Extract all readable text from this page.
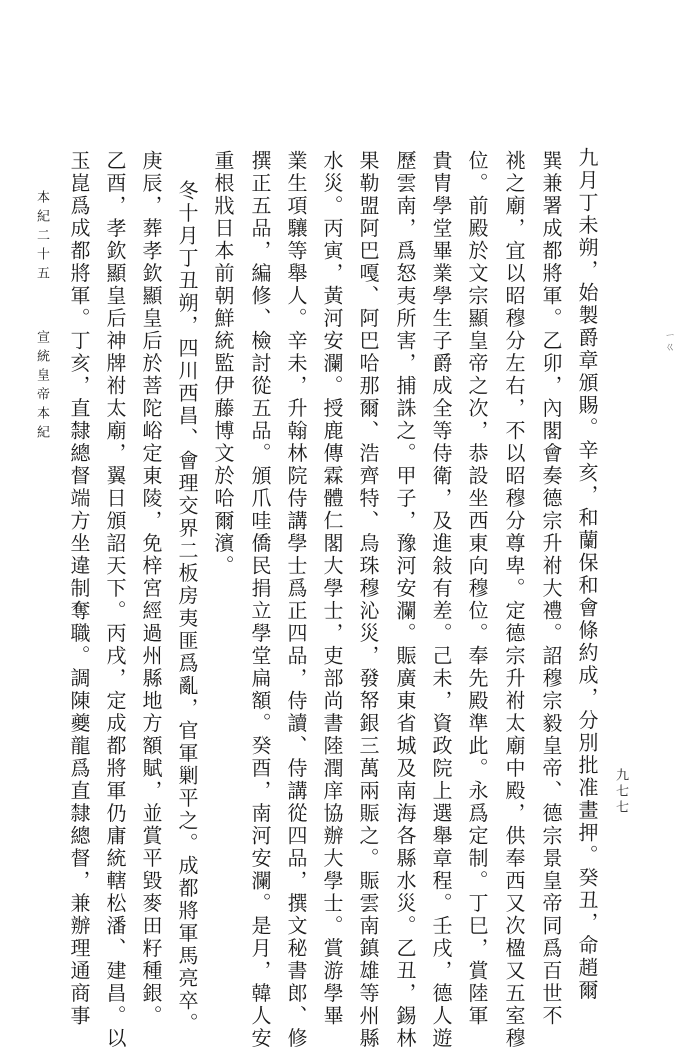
ㄧㄍ
九月丁未朔，始製爵章頒賜。辛亥，和蘭保和會條約成，分別批准畫押。癸丑，命趙爾
巽兼署成都將軍。乙卯，內閣會奏德宗升祔大禮。詔穆宗毅皇帝、德宗景皇帝同爲百世不
祧之廟，宜以昭穆分左右，不以昭穆分尊卑。定德宗升祔太廟中殿，供奉西又次楹又五室穆
位。前殿於文宗顯皇帝之次，恭設坐西東向穆位。奉先殿準此。永爲定制。丁巳，賞陸軍
貴胄學堂畢業學生子爵成全等侍衛，及進敍有差。己未，資政院上選舉章程。壬戌，德人遊
歷雲南，爲怒夷所害，捕誅之。甲子，豫河安瀾。賑廣東省城及南海各縣水災。乙丑，錫林
果勒盟阿巴嘎、阿巴哈那爾、浩齊特、烏珠穆沁災，發帑銀三萬兩賑之。賑雲南鎮雄等州縣
水災。丙寅，黃河安瀾。授鹿傳霖體仁閣大學士，吏部尚書陸潤庠協辦大學士。賞游學畢
業生項驤等舉人。辛未，升翰林院侍講學士爲正四品，侍讀、侍講從四品，撰文秘書郎、修
撰正五品，編修、檢討從五品。頒爪哇僑民捐立學堂扁額。癸酉，南河安瀾。是月，韓人安
重根戕日本前朝鮮統監伊藤博文於哈爾濱。
冬十月丁丑朔，四川西昌、會理交界二板房夷匪爲亂，官軍剿平之。成都將軍馬亮卒。
庚辰，葬孝欽顯皇后於菩陀峪定東陵，免梓宮經過州縣地方額賦，並賞平毀麥田籽種銀。
乙酉，孝欽顯皇后神牌祔太廟，翼日頒詔天下。丙戌，定成都將軍仍庸統轄松潘、建昌。以
玉崑爲成都將軍。丁亥，直隸總督端方坐違制奪職。調陳夔龍爲直隸總督，兼辦理通商事
宣統皇帝本紀
本紀二十五
九七七
